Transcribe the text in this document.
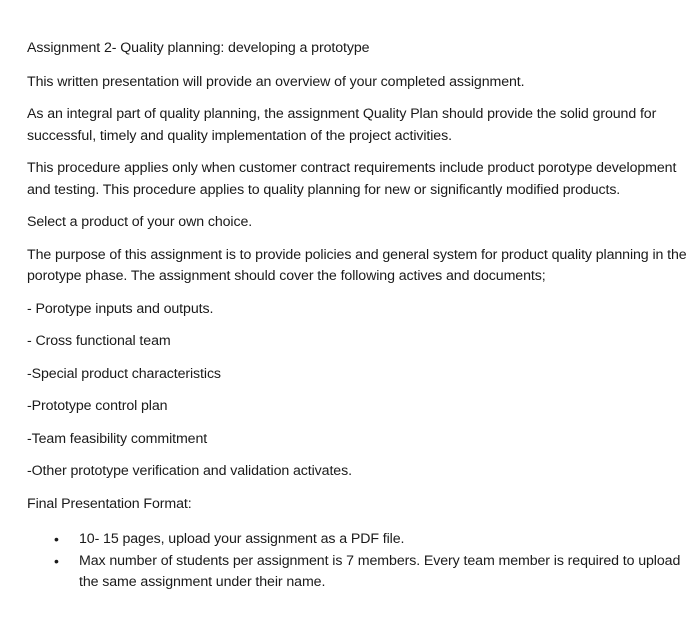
Assignment 2- Quality planning: developing a prototype

This written presentation will provide an overview of your completed assignment.

As an integral part of quality planning, the assignment Quality Plan should provide the solid ground for successful, timely and quality implementation of the project activities.

This procedure applies only when customer contract requirements include product porotype development and testing. This procedure applies to quality planning for new or significantly modified products.

Select a product of your own choice.

The purpose of this assignment is to provide policies and general system for product quality planning in the porotype phase. The assignment should cover the following actives and documents;

- Porotype inputs and outputs.

- Cross functional team

-Special product characteristics

-Prototype control plan

-Team feasibility commitment

-Other prototype verification and validation activates.

Final Presentation Format:

• 10- 15 pages, upload your assignment as a PDF file.
• Max number of students per assignment is 7 members. Every team member is required to upload the same assignment under their name.
